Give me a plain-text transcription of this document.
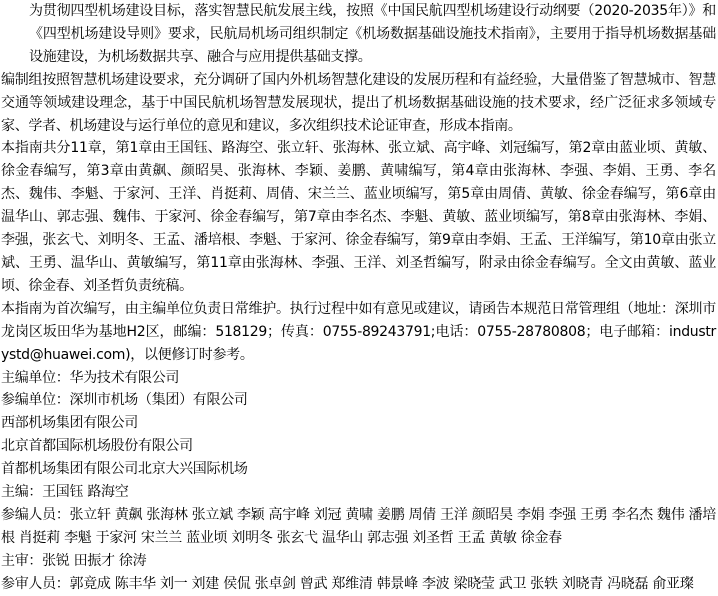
为贯彻四型机场建设目标，落实智慧民航发展主线，按照《中国民航四型机场建设行动纲要（2020-2035年）》和《四型机场建设导则》要求，民航局机场司组织制定《机场数据基础设施技术指南》，主要用于指导机场数据基础设施建设，为机场数据共享、融合与应用提供基础支撑。

编制组按照智慧机场建设要求，充分调研了国内外机场智慧化建设的发展历程和有益经验，大量借鉴了智慧城市、智慧交通等领域建设理念，基于中国民航机场智慧发展现状，提出了机场数据基础设施的技术要求，经广泛征求多领域专家、学者、机场建设与运行单位的意见和建议，多次组织技术论证审查，形成本指南。

本指南共分11章，第1章由王国钰、路海空、张立轩、张海林、张立斌、高宇峰、刘冠编写，第2章由蓝业顷、黄敏、徐金春编写，第3章由黄飙、颜昭昊、张海林、李颖、姜鹏、黄啸编写，第4章由张海林、李强、李娟、王勇、李名杰、魏伟、李魁、于家河、王洋、肖挺莉、周倩、宋兰兰、蓝业顷编写，第5章由周倩、黄敏、徐金春编写，第6章由温华山、郭志强、魏伟、于家河、徐金春编写，第7章由李名杰、李魁、黄敏、蓝业顷编写，第8章由张海林、李娟、李强，张玄弋、刘明冬、王孟、潘培根、李魁、于家河、徐金春编写，第9章由李娟、王孟、王洋编写，第10章由张立斌、王勇、温华山、黄敏编写，第11章由张海林、李强、王洋、刘圣哲编写，附录由徐金春编写。全文由黄敏、蓝业顷、徐金春、刘圣哲负责统稿。

本指南为首次编写，由主编单位负责日常维护。执行过程中如有意见或建议，请函告本规范日常管理组（地址：深圳市龙岗区坂田华为基地H2区，邮编：518129；传真：0755-89243791;电话：0755-28780808；电子邮箱：industrystd@huawei.com)，以便修订时参考。

主编单位：华为技术有限公司

参编单位：深圳市机场（集团）有限公司

西部机场集团有限公司

北京首都国际机场股份有限公司

首都机场集团有限公司北京大兴国际机场

主编：王国钰 路海空

参编人员：张立轩 黄飙 张海林 张立斌 李颖 高宇峰 刘冠 黄啸 姜鹏 周倩 王洋 颜昭昊 李娟 李强 王勇 李名杰 魏伟 潘培根 肖挺莉 李魁 于家河 宋兰兰 蓝业顷 刘明冬 张玄弋 温华山 郭志强 刘圣哲 王孟 黄敏 徐金春

主审：张锐 田振才 徐涛

参审人员：郭竟成 陈丰华 刘一 刘建 侯侃 张卓剑 曾武 郑维清 韩景峰 李波 梁晓莹 武卫 张轶 刘晓青 冯晓磊 俞亚璨
